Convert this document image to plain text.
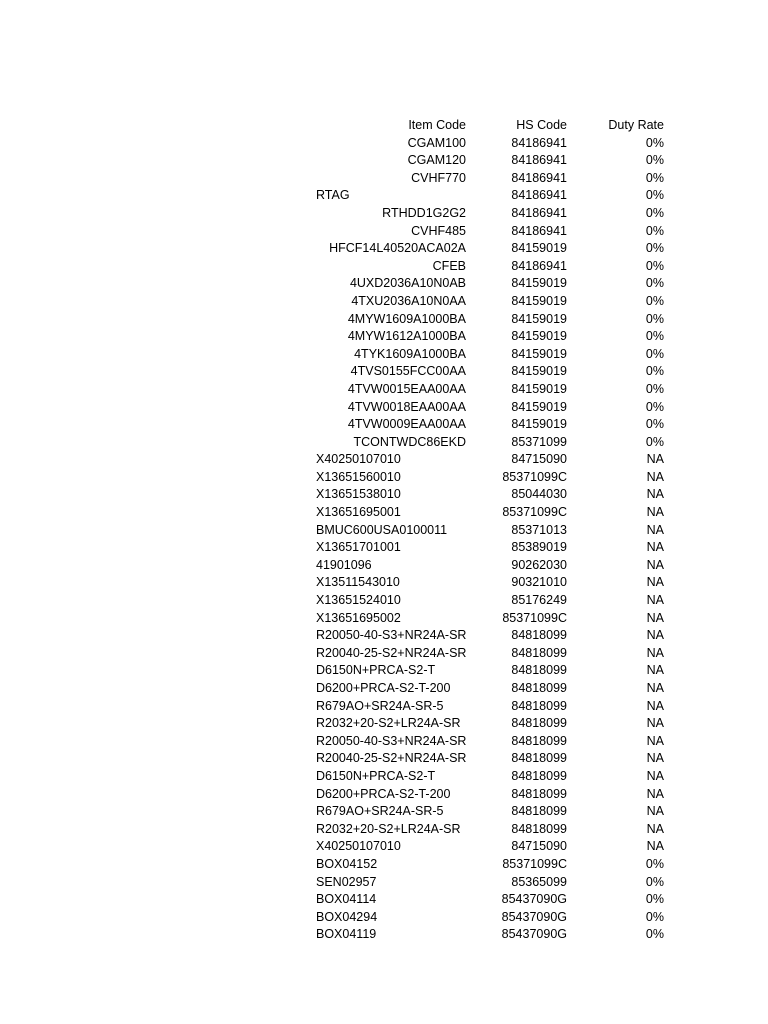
Item Code	HS Code	Duty Rate
CGAM100	84186941	0%
CGAM120	84186941	0%
CVHF770	84186941	0%
RTAG	84186941	0%
RTHDD1G2G2	84186941	0%
CVHF485	84186941	0%
HFCF14L40520ACA02A	84159019	0%
CFEB	84186941	0%
4UXD2036A10N0AB	84159019	0%
4TXU2036A10N0AA	84159019	0%
4MYW1609A1000BA	84159019	0%
4MYW1612A1000BA	84159019	0%
4TYK1609A1000BA	84159019	0%
4TVS0155FCC00AA	84159019	0%
4TVW0015EAA00AA	84159019	0%
4TVW0018EAA00AA	84159019	0%
4TVW0009EAA00AA	84159019	0%
TCONTWDC86EKD	85371099	0%
X40250107010	84715090	NA
X13651560010	85371099C	NA
X13651538010	85044030	NA
X13651695001	85371099C	NA
BMUC600USA0100011	85371013	NA
X13651701001	85389019	NA
41901096	90262030	NA
X13511543010	90321010	NA
X13651524010	85176249	NA
X13651695002	85371099C	NA
R20050-40-S3+NR24A-SR	84818099	NA
R20040-25-S2+NR24A-SR	84818099	NA
D6150N+PRCA-S2-T	84818099	NA
D6200+PRCA-S2-T-200	84818099	NA
R679AO+SR24A-SR-5	84818099	NA
R2032+20-S2+LR24A-SR	84818099	NA
R20050-40-S3+NR24A-SR	84818099	NA
R20040-25-S2+NR24A-SR	84818099	NA
D6150N+PRCA-S2-T	84818099	NA
D6200+PRCA-S2-T-200	84818099	NA
R679AO+SR24A-SR-5	84818099	NA
R2032+20-S2+LR24A-SR	84818099	NA
X40250107010	84715090	NA
BOX04152	85371099C	0%
SEN02957	85365099	0%
BOX04114	85437090G	0%
BOX04294	85437090G	0%
BOX04119	85437090G	0%
